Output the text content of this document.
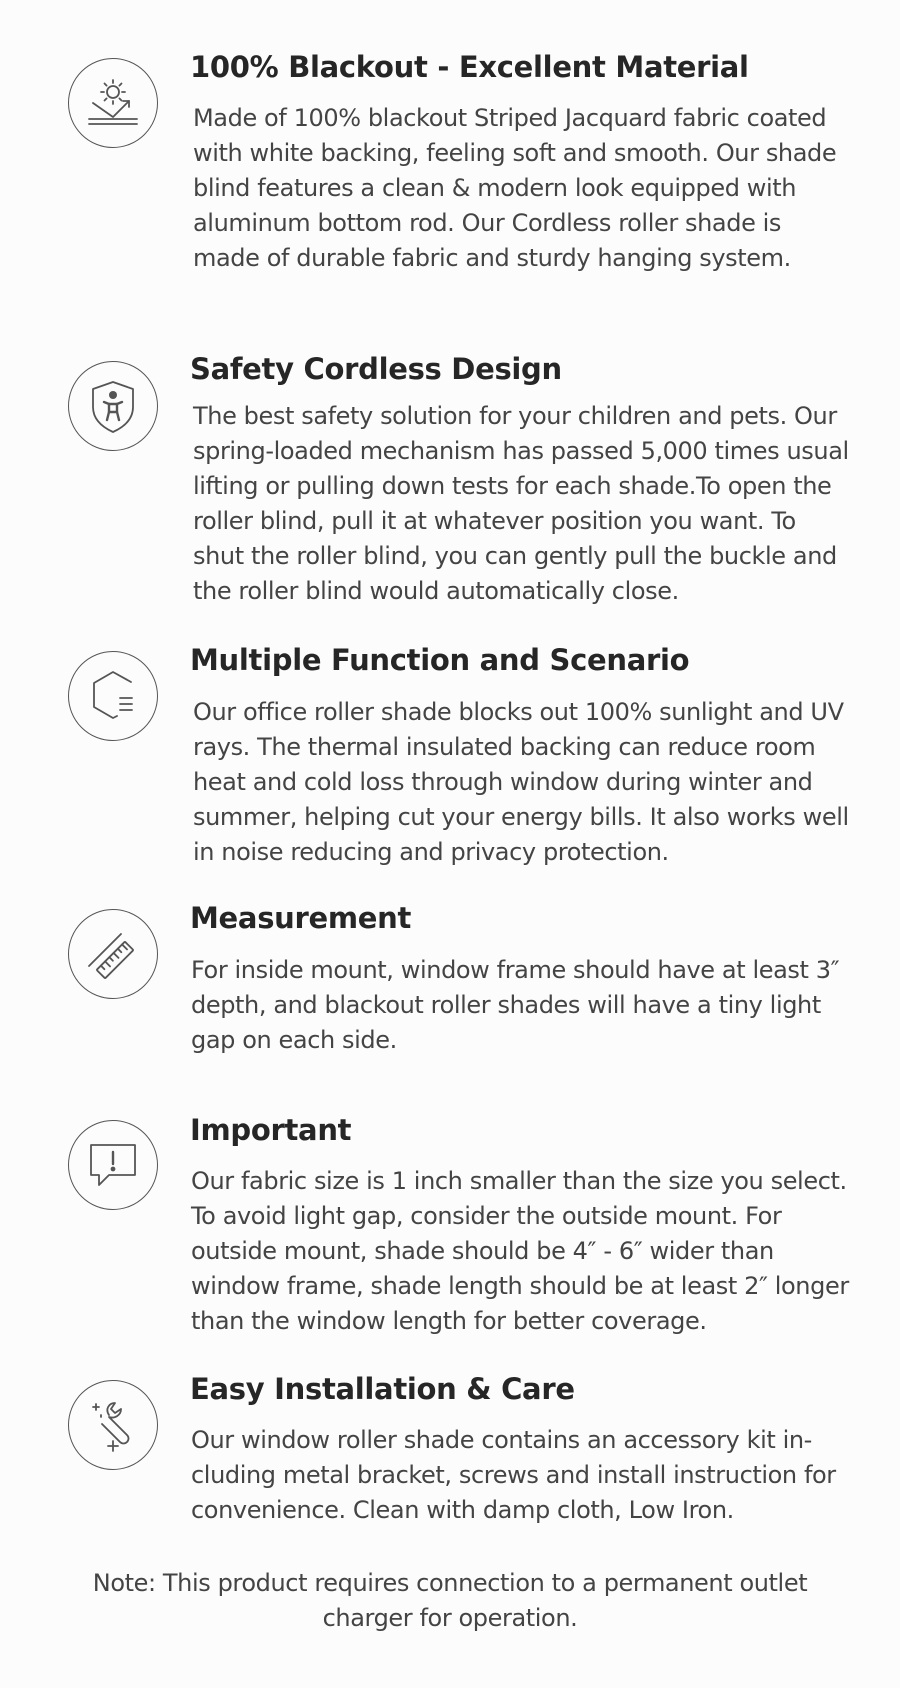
100% Blackout - Excellent Material
Made of 100% blackout Striped Jacquard fabric coated with white backing, feeling soft and smooth. Our shade blind features a clean & modern look equipped with aluminum bottom rod. Our Cordless roller shade is made of durable fabric and sturdy hanging system.
Safety Cordless Design
The best safety solution for your children and pets. Our spring-loaded mechanism has passed 5,000 times usual lifting or pulling down tests for each shade.To open the roller blind, pull it at whatever position you want. To shut the roller blind, you can gently pull the buckle and the roller blind would automatically close.
Multiple Function and Scenario
Our office roller shade blocks out 100% sunlight and UV rays. The thermal insulated backing can reduce room heat and cold loss through window during winter and summer, helping cut your energy bills. It also works well in noise reducing and privacy protection.
Measurement
For inside mount, window frame should have at least 3″ depth, and blackout roller shades will have a tiny light gap on each side.
Important
Our fabric size is 1 inch smaller than the size you select. To avoid light gap, consider the outside mount. For outside mount, shade should be 4″ - 6″ wider than window frame, shade length should be at least 2″ longer than the window length for better coverage.
Easy Installation & Care
Our window roller shade contains an accessory kit in-cluding metal bracket, screws and install instruction for convenience. Clean with damp cloth, Low Iron.
Note: This product requires connection to a permanent outlet charger for operation.
